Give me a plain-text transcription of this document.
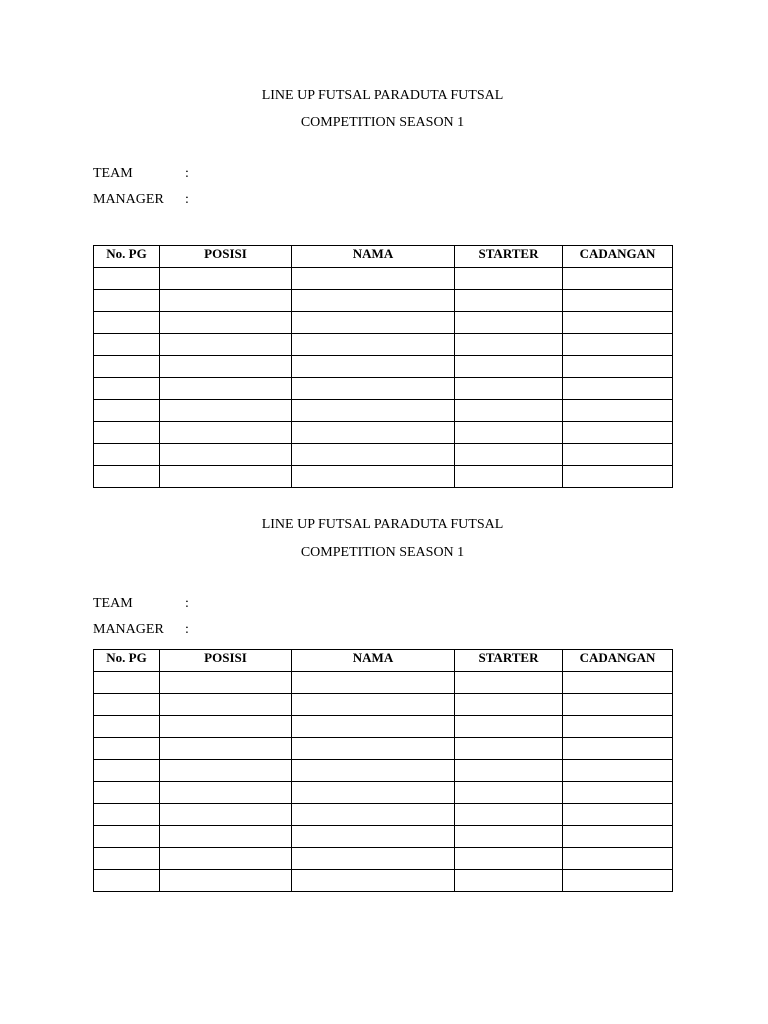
LINE UP FUTSAL PARADUTA FUTSAL

COMPETITION SEASON 1

TEAM	:
MANAGER	:
No. PG	POSISI	NAMA	STARTER	CADANGAN

LINE UP FUTSAL PARADUTA FUTSAL

COMPETITION SEASON 1

TEAM	:
MANAGER	:
No. PG	POSISI	NAMA	STARTER	CADANGAN
